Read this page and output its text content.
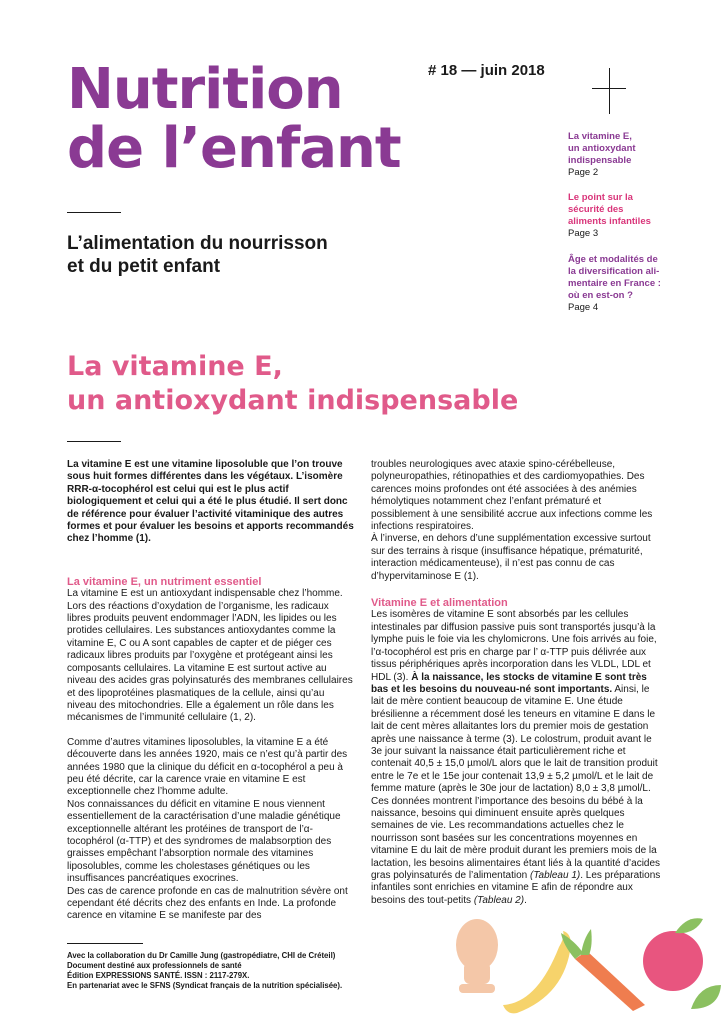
Nutrition
de l’enfant
# 18 — juin 2018
L’alimentation du nourrisson
et du petit enfant
La vitamine E,
un antioxydant
indispensable
Page 2
Le point sur la
sécurité des
aliments infantiles
Page 3
Âge et modalités de
la diversification ali-
mentaire en France :
où en est-on ?
Page 4
La vitamine E,
un antioxydant indispensable

La vitamine E est une vitamine liposoluble que l’on trouve sous huit formes différentes dans les végétaux. L’isomère RRR-α-tocophérol est celui qui est le plus actif biologiquement et celui qui a été le plus étudié. Il sert donc de référence pour évaluer l’activité vitaminique des autres formes et pour évaluer les besoins et apports recommandés chez l’homme (1).

La vitamine E, un nutriment essentiel

La vitamine E est un antioxydant indispensable chez l’homme. Lors des réactions d’oxydation de l’organisme, les radicaux libres produits peuvent endommager l’ADN, les lipides ou les protides cellulaires. Les substances antioxydantes comme la vitamine E, C ou A sont capables de capter et de piéger ces radicaux libres produits par l’oxygène et protégeant ainsi les composants cellulaires. La vitamine E est surtout active au niveau des acides gras polyinsaturés des membranes cellulaires et des lipoprotéines plasmatiques de la cellule, ainsi qu’au niveau des mitochondries. Elle a également un rôle dans les mécanismes de l’immunité cellulaire (1, 2).

Comme d’autres vitamines liposolubles, la vitamine E a été découverte dans les années 1920, mais ce n’est qu’à partir des années 1980 que la clinique du déficit en α-tocophérol a peu à peu été décrite, car la carence vraie en vitamine E est exceptionnelle chez l’homme adulte.

Nos connaissances du déficit en vitamine E nous viennent essentiellement de la caractérisation d’une maladie génétique exceptionnelle altérant les protéines de transport de l’α-tocophérol (α-TTP) et des syndromes de malabsorption des graisses empêchant l’absorption normale des vitamines liposolubles, comme les cholestases génétiques ou les insuffisances pancréatiques exocrines.

Des cas de carence profonde en cas de malnutrition sévère ont cependant été décrits chez des enfants en Inde. La profonde carence en vitamine E se manifeste par des

troubles neurologiques avec ataxie spino-cérébelleuse, polyneuropathies, rétinopathies et des cardiomyopathies. Des carences moins profondes ont été associées à des anémies hémolytiques notamment chez l’enfant prématuré et possiblement à une sensibilité accrue aux infections comme les infections respiratoires.

À l’inverse, en dehors d’une supplémentation excessive surtout sur des terrains à risque (insuffisance hépatique, prématurité, interaction médicamenteuse), il n’est pas connu de cas d’hypervitaminose E (1).

Vitamine E et alimentation

Les isomères de vitamine E sont absorbés par les cellules intestinales par diffusion passive puis sont transportés jusqu’à la lymphe puis le foie via les chylomicrons. Une fois arrivés au foie, l’α-tocophérol est pris en charge par l’ α-TTP puis délivrée aux tissus périphériques après incorporation dans les VLDL, LDL et HDL (3). À la naissance, les stocks de vitamine E sont très bas et les besoins du nouveau-né sont importants. Ainsi, le lait de mère contient beaucoup de vitamine E. Une étude brésilienne a récemment dosé les teneurs en vitamine E dans le lait de cent mères allaitantes lors du premier mois de gestation après une naissance à terme (3). Le colostrum, produit avant le 3e jour suivant la naissance était particulièrement riche et contenait 40,5 ± 15,0 µmol/L alors que le lait de transition produit entre le 7e et le 15e jour contenait 13,9 ± 5,2 µmol/L et le lait de femme mature (après le 30e jour de lactation) 8,0 ± 3,8 µmol/L. Ces données montrent l’importance des besoins du bébé à la naissance, besoins qui diminuent ensuite après quelques semaines de vie. Les recommandations actuelles chez le nourrisson sont basées sur les concentrations moyennes en vitamine E du lait de mère produit durant les premiers mois de la lactation, les besoins alimentaires étant liés à la quantité d’acides gras polyinsaturés de l’alimentation (Tableau 1). Les préparations infantiles sont enrichies en vitamine E afin de répondre aux besoins des tout-petits (Tableau 2).

Avec la collaboration du Dr Camille Jung (gastropédiatre, CHI de Créteil)
Document destiné aux professionnels de santé
Édition EXPRESSIONS SANTÉ. ISSN : 2117-279X.
En partenariat avec le SFNS (Syndicat français de la nutrition spécialisée).
